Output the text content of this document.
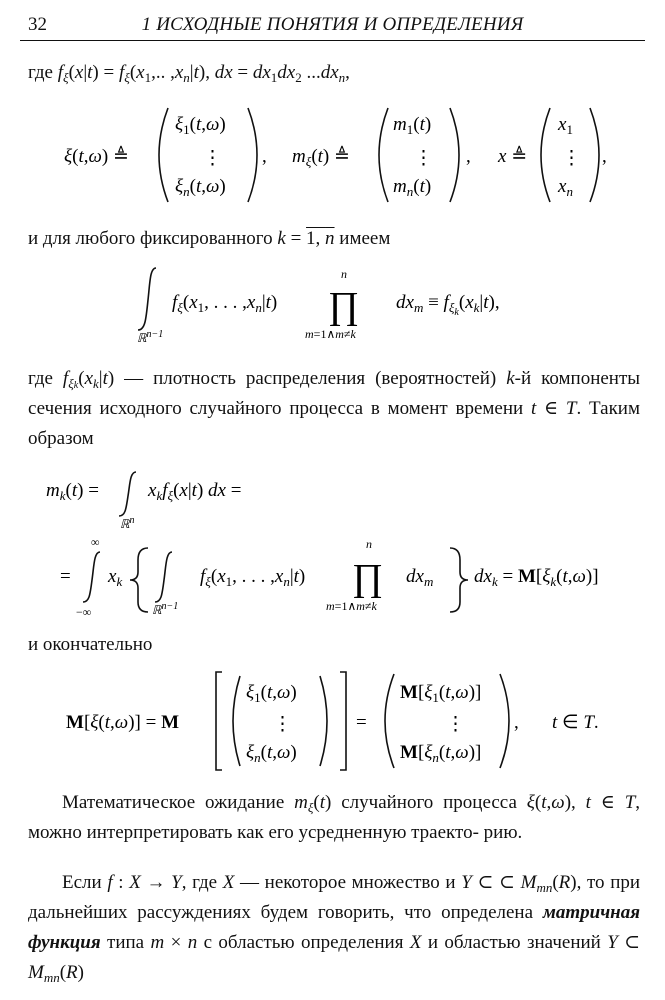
32	1 ИСХОДНЫЕ ПОНЯТИЯ И ОПРЕДЕЛЕНИЯ
где $f_\xi(x|t) = f_\xi(x_1$,.. $,x_n|t$), dx = $dx_1dx_2$ $...dx_n$,
ξ(t,ω) ≜
$\xi_1(t,\omega)$
⋮
$\xi_n(t,\omega)$
, $m_\xi(t)$ ≜
$m_1(t)$
⋮
$m_n(t)$
, x ≜
$x_1$
⋮
$x_n$
,
и для любого фиксированного k = 1, n имеем
ℝ$^{n-1}$
$f_\xi(x_1$, . . . $,x_n|t$)
n
∏
m=1∧m≠k
$dx_m \equiv f_\xi k(x_k|t)$,
где $f_{\xi k}(x_k|t)$ — плотность распределения (вероятностей) k-й компоненты сечения исходного случайного процесса в момент времени t ∈ T. Таким образом
$m_k(t)$ =
ℝ$^n$
$x_kf_\xi(x|t)$ dx =
=
∞
−∞
$x_k$
ℝ$^{n-1}$
$f_\xi(x_1$, . . . $,x_n|t$)
n
∏
m=1∧m≠k
$dx_m$ $dx_k = M[\xi_k(t,\omega)]$
и окончательно
M[ξ(t,ω)] = M
$\xi_1(t,\omega)$
⋮
$\xi_n(t,\omega)$
=
$M[\xi_1(t,\omega)]$
⋮
$M[\xi_n(t,\omega)]$
, t ∈ T.
Математическое ожидание $m_\xi(t)$ случайного процесса ξ(t,ω), t ∈ T, можно интерпретировать как его усредненную траекто- рию.
Если f : X → Y, где X — некоторое множество и Y ⊂ ⊂ $M_{mn}(R)$, то при дальнейших рассуждениях будем говорить, что определена матричная функция типа m × n с областью определения X и областью значений Y ⊂ $M_{mn}(R)$
